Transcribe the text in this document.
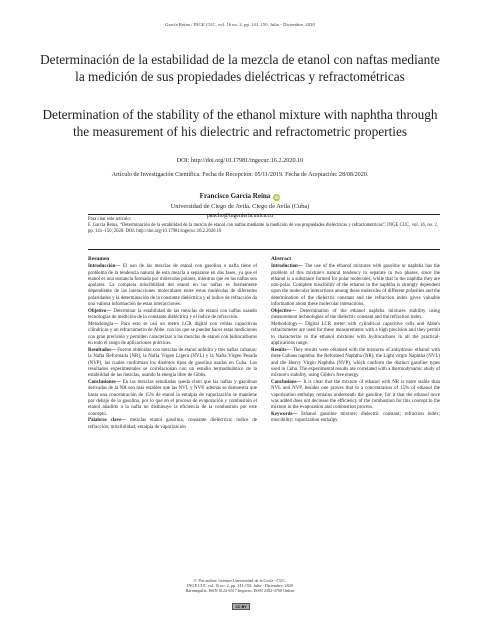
García Reina / INGE CUC, vol. 16 no. 2, pp. 141–150. Julio - Diciembre, 2020
Determinación de la estabilidad de la mezcla de etanol con naftas mediante la medición de sus propiedades dieléctricas y refractométricas
Determination of the stability of the ethanol mixture with naphtha through the measurement of his dielectric and refractometric properties
DOI: http://doi.org/10.17981/ingecuc.16.2.2020.10
Artículo de Investigación Científica. Fecha de Recepción: 05/11/2019. Fecha de Aceptación: 28/08/2020.
Francisco García Reina iD
Universidad de Ciego de Avila. Ciego de Avila (Cuba)
pancho@ingenieria.unica.cu
Para citar este artículo:
F. García Reina, “Determinación de la estabilidad de la mezcla de etanol con naftas mediante la medición de sus propiedades dieléctricas y refractométricas”, INGE CUC, vol. 16, no. 2, pp. 141–150, 2020. DOI: http://doi.org/10.17981/ingecuc.16.2.2020.10
Resumen

Introducción— El uso de las mezclas de etanol con gasolina o nafta tiene el problema de la tendencia natural de esta mezcla a separarse en dos fases, ya que el etanol es una sustancia formada por moléculas polares, mientras que en las naftas son apolares. La completa miscibilidad del etanol en las naftas es fuertemente dependiente de las interacciones moleculares entre estas moléculas de diferentes polaridades y la determinación de la constante dieléctrica y el índice de refracción da una valiosa información de estas interacciones.

Objetivo— Determinar la estabilidad de las mezclas de etanol con naftas usando tecnologías de medición de la constante dieléctrica y el índice de refracción.

Metodología— Para esto se usó un metro LCR digital con celdas capacitivas cilíndricas y un refractómetro de Abbe, con los que se pueden hacer estas mediciones con gran precisión y permiten caracterizar a las mezclas de etanol con hidrocarburos en todo el rango de aplicaciones prácticas.

Resultados— Fueron obtenidas con mezclas de etanol anhidro y tres naftas cubanas: la Nafta Reformada (NR), la Nafta Virgen Ligera (NVL) y la Nafta Virgen Pesada (NVP), las cuales conforman los distintos tipos de gasolina usadas en Cuba. Los resultados experimentales se correlacionan con un estudio termodinámico de la estabilidad de las mezclas, usando la energía libre de Gibbs.

Conclusiones— En las mezclas estudiadas queda claro que las naftas y gasolinas derivadas de la NR son más estables que las NVL y NVP, además se demuestra que hasta una concentración de 15% de etanol la entalpía de vaporización se mantiene por debajo de la gasolina, por lo que en el proceso de evaporación y combustión el etanol añadido a la nafta no disminuye la eficiencia de la combustión por este concepto.

Palabras clave— mezclas etanol gasolina; constante dieléctrica; índice de refracción; miscibilidad; entalpía de vaporización

Abstract

Introduction— The use of the ethanol mixtures with gasoline or naphtha has the problem of this mixture's natural tendency to separate in two phases, since the ethanol is a substance formed for polar molecules, while that in the naphtha they are non-polar. Complete miscibility of the ethanol in the naphtha is strongly dependent upon the molecular interactions among these molecules of different polarities and the determination of the dielectric constant and the refraction index gives valuable information about these molecular interactions.

Objective— Determination of the ethanol naphtha mixtures stability using measurement technologies of the dielectric constant and the refraction index.

Methodology— Digital LCR meter with cylindrical capacitive cells and Abbe's refractometer are used for these measurements with a high precision and they permit to characterize to the ethanol mixtures with hydrocarbons in all the practical- applications range.

Results— They results were obtained with the mixtures of anhydrous- ethanol with three Cubans naphtha: the Reformed Naphtha (NR), the Light virgin Naphtha (NVL) and the Heavy Virgin Naphtha (NVP), which conform the distinct gasoline types used in Cuba. The experimental results are correlated with a thermodynamic study of mixture's stability, using Gibbs's free energy.

Conclusions— It is clear that the mixture of ethanol with NR is more stable than NVL and NVP, besides one proves that to a concentration of 15% of ethanol the vaporization enthalpy remains underneath the gasoline, for it that the ethanol once was added does not decrease the efficiency of the combustion for this concept to the mixture in the evaporation and combustion process.

Keywords— Ethanol gasoline mixture; dielectric constant; refraction index; miscibility; vaporization enthalpy

© The author; licensee Universidad de la Costa - CUC.
INGE CUC vol. 16 no. 2, pp. 141-150. Julio - Diciembre, 2020
Barranquilla. ISSN 0122-6517 Impreso, ISSN 2382-4700 Online
CC BY
